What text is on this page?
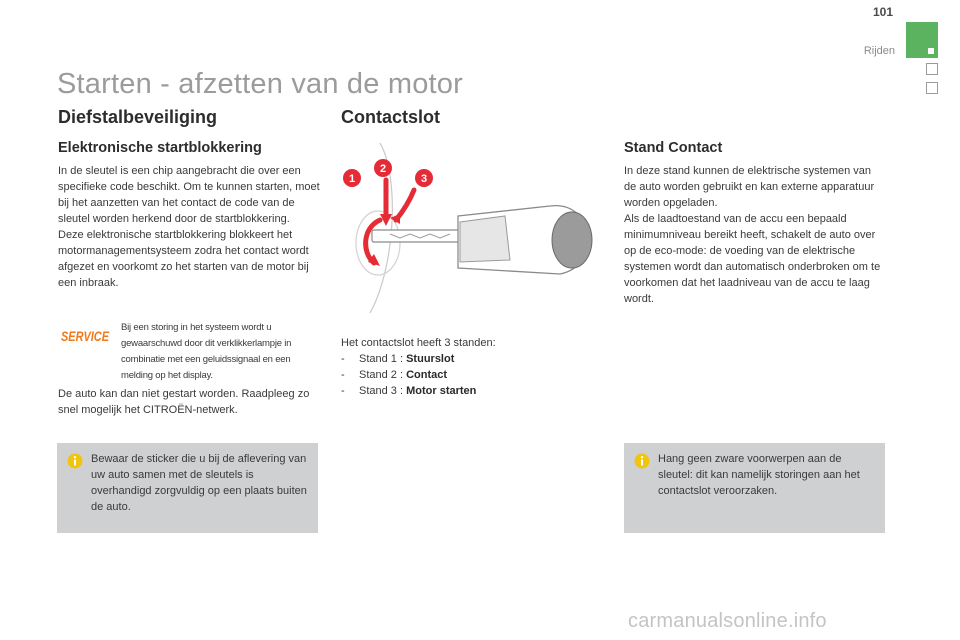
101
Rijden
Starten - afzetten van de motor
Diefstalbeveiliging
Elektronische startblokkering

In de sleutel is een chip aangebracht die over een specifieke code beschikt. Om te kunnen starten, moet bij het aanzetten van het contact de code van de sleutel worden herkend door de startblokkering.

Deze elektronische startblokkering blokkeert het motormanagementsysteem zodra het contact wordt afgezet en voorkomt zo het starten van de motor bij een inbraak.

SERVICE
Bij een storing in het systeem wordt u gewaarschuwd door dit verklikkerlampje in combinatie met een geluidssignaal en een melding op het display.
De auto kan dan niet gestart worden. Raadpleeg zo snel mogelijk het CITROËN-netwerk.
Bewaar de sticker die u bij de aflevering van uw auto samen met de sleutels is overhandigd zorgvuldig op een plaats buiten de auto.
Contactslot
1
2
3
Het contactslot heeft 3 standen:
- Stand 1 : Stuurslot
- Stand 2 : Contact
- Stand 3 : Motor starten
Stand Contact

In deze stand kunnen de elektrische systemen van de auto worden gebruikt en kan externe apparatuur worden opgeladen.

Als de laadtoestand van de accu een bepaald minimumniveau bereikt heeft, schakelt de auto over op de eco-mode: de voeding van de elektrische systemen wordt dan automatisch onderbroken om te voorkomen dat het laadniveau van de accu te laag wordt.

Hang geen zware voorwerpen aan de sleutel: dit kan namelijk storingen aan het contactslot veroorzaken.
carmanualsonline.info
